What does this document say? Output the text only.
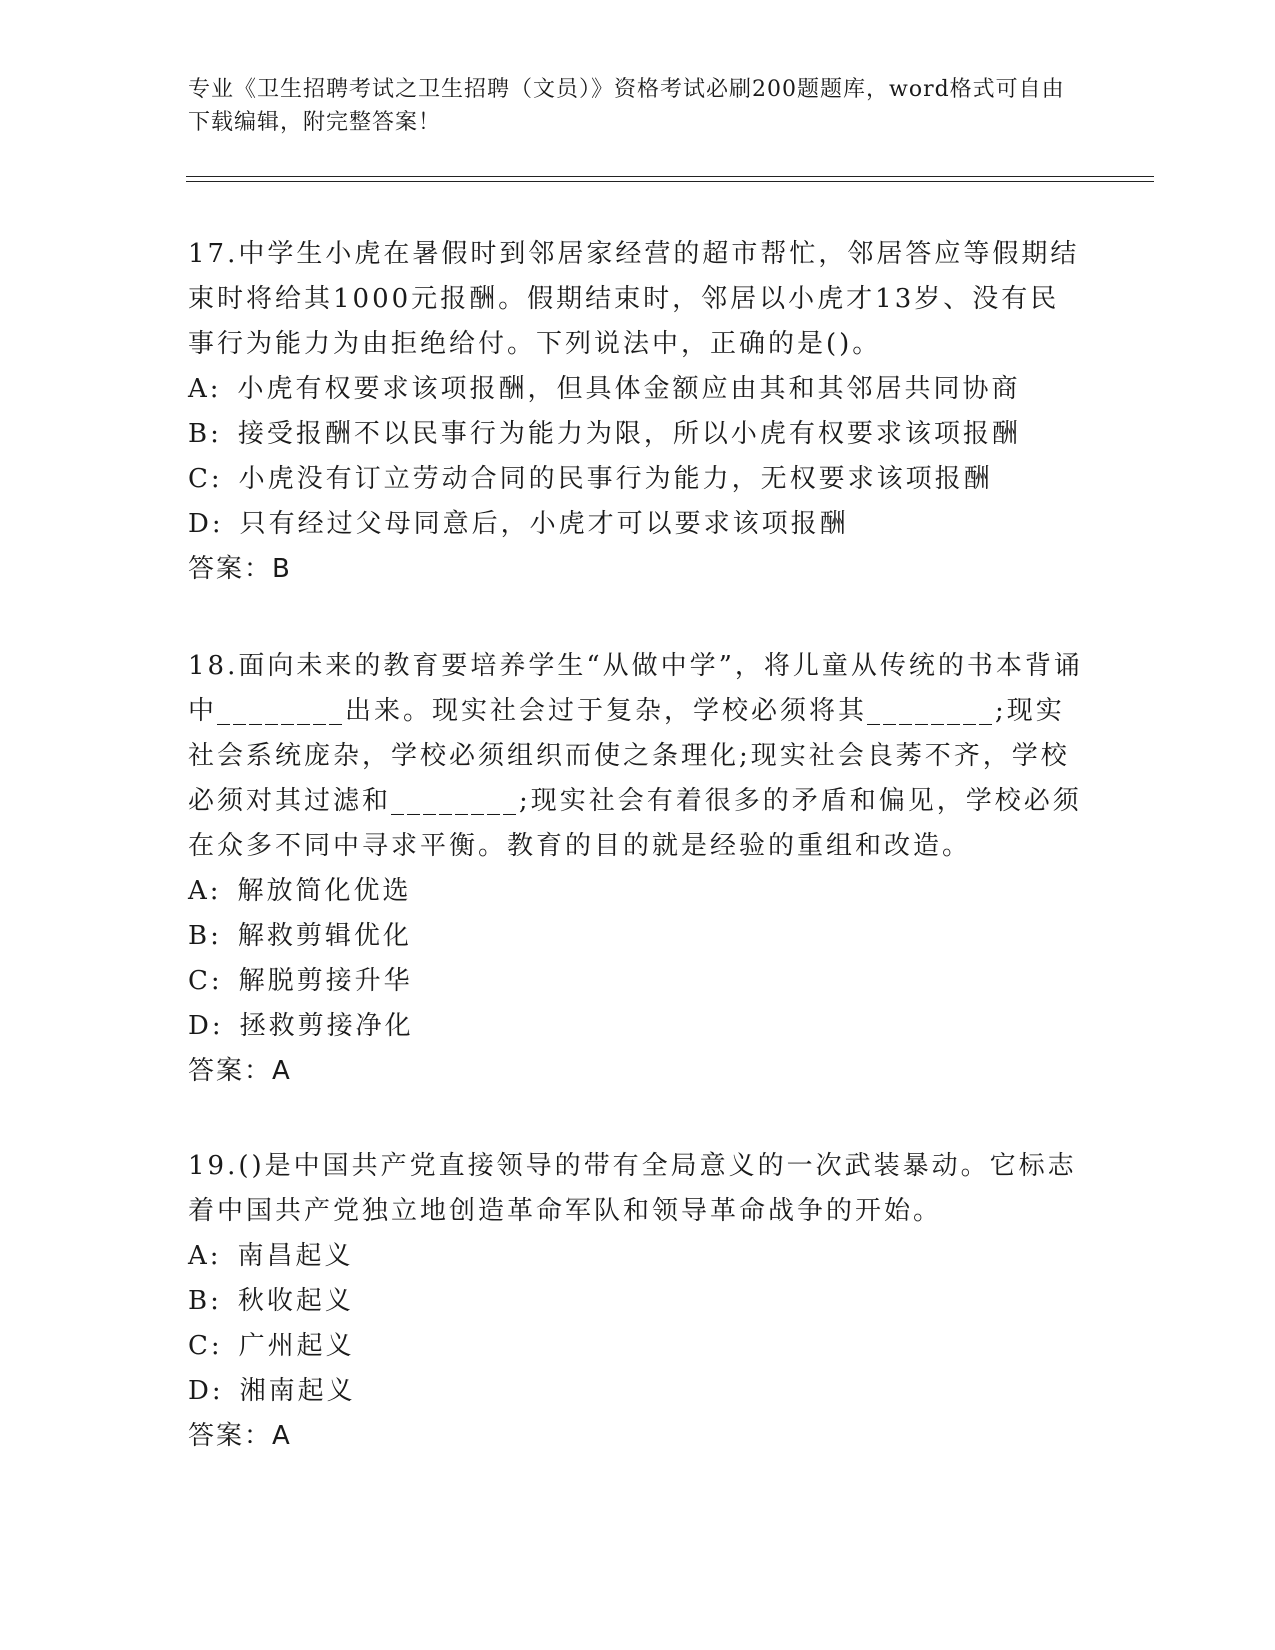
专业《卫生招聘考试之卫生招聘（文员）》资格考试必刷200题题库，word格式可自由下载编辑，附完整答案！

17.中学生小虎在暑假时到邻居家经营的超市帮忙，邻居答应等假期结束时将给其1000元报酬。假期结束时，邻居以小虎才13岁、没有民事行为能力为由拒绝给付。下列说法中，正确的是()。

A: 小虎有权要求该项报酬，但具体金额应由其和其邻居共同协商

B: 接受报酬不以民事行为能力为限，所以小虎有权要求该项报酬

C: 小虎没有订立劳动合同的民事行为能力，无权要求该项报酬

D: 只有经过父母同意后，小虎才可以要求该项报酬

答案：B

18.面向未来的教育要培养学生“从做中学”，将儿童从传统的书本背诵中________出来。现实社会过于复杂，学校必须将其________;现实社会系统庞杂，学校必须组织而使之条理化;现实社会良莠不齐，学校必须对其过滤和________;现实社会有着很多的矛盾和偏见，学校必须在众多不同中寻求平衡。教育的目的就是经验的重组和改造。

A: 解放简化优选

B: 解救剪辑优化

C: 解脱剪接升华

D: 拯救剪接净化

答案：A

19.()是中国共产党直接领导的带有全局意义的一次武装暴动。它标志着中国共产党独立地创造革命军队和领导革命战争的开始。

A: 南昌起义

B: 秋收起义

C: 广州起义

D: 湘南起义

答案：A
